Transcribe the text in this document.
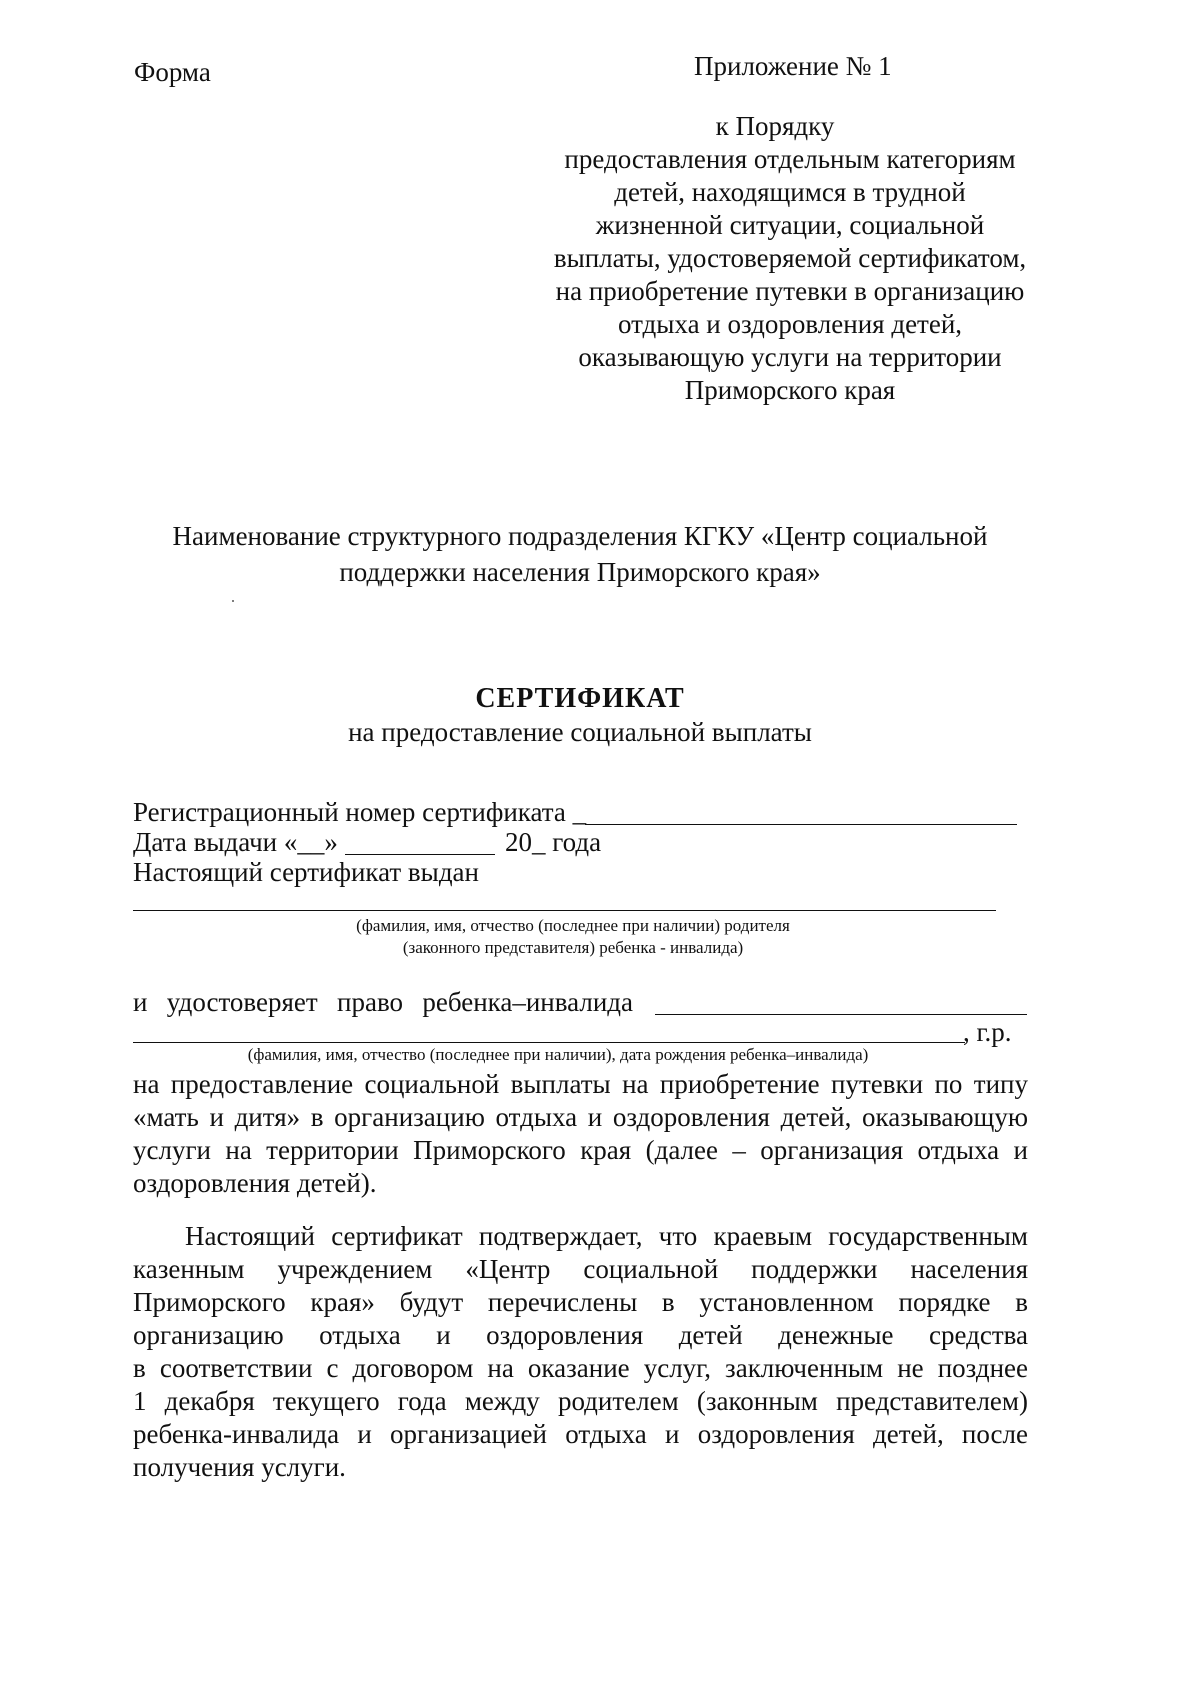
Форма	Приложение № 1
к Порядку
предоставления отдельным категориям
детей, находящимся в трудной
жизненной ситуации, социальной
выплаты, удостоверяемой сертификатом,
на приобретение путевки в организацию
отдыха и оздоровления детей,
оказывающую услуги на территории
Приморского края
Наименование структурного подразделения КГКУ «Центр социальной
поддержки населения Приморского края»
СЕРТИФИКАТ
на предоставление социальной выплаты
Регистрационный номер сертификата _
Дата выдачи «__»	20_ года
Настоящий сертификат выдан
(фамилия, имя, отчество (последнее при наличии) родителя
(законного представителя) ребенка - инвалида)
и удостоверяет право ребенка–инвалида
, г.р.
(фамилия, имя, отчество (последнее при наличии), дата рождения ребенка–инвалида)
на предоставление социальной выплаты на приобретение путевки по типу
«мать и дитя» в организацию отдыха и оздоровления детей, оказывающую
услуги на территории Приморского края (далее – организация отдыха и
оздоровления детей).
Настоящий сертификат подтверждает, что краевым государственным
казенным учреждением «Центр социальной поддержки населения
Приморского края» будут перечислены в установленном порядке в
организацию отдыха и оздоровления детей денежные средства
в соответствии с договором на оказание услуг, заключенным не позднее
1 декабря текущего года между родителем (законным представителем)
ребенка-инвалида и организацией отдыха и оздоровления детей, после
получения услуги.
